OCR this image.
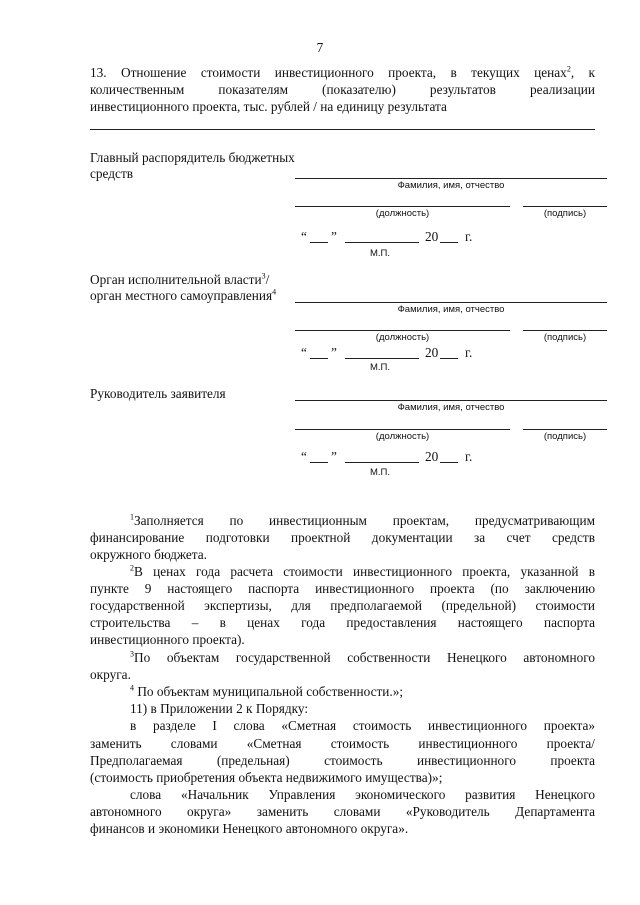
7
13. Отношение стоимости инвестиционного проекта, в текущих ценах$^2$, к
количественным показателям (показателю) результатов реализации
инвестиционного проекта, тыс. рублей / на единицу результата
Главный распорядитель бюджетных
средств
Фамилия, имя, отчество
(должность)	(подпись)
“ ”	20 г.
М.П.
Орган исполнительной власти$^3$/
орган местного самоуправления$^4$
Фамилия, имя, отчество
(должность)	(подпись)
“ ”	20 г.
М.П.
Руководитель заявителя
Фамилия, имя, отчество
(должность)	(подпись)
“ ”	20 г.
М.П.
$^1$Заполняется по инвестиционным проектам, предусматривающим
финансирование подготовки проектной документации за счет средств
окружного бюджета.
$^2$В ценах года расчета стоимости инвестиционного проекта, указанной в
пункте 9 настоящего паспорта инвестиционного проекта (по заключению
государственной экспертизы, для предполагаемой (предельной) стоимости
строительства – в ценах года предоставления настоящего паспорта
инвестиционного проекта).
$^3$По объектам государственной собственности Ненецкого автономного
округа.
$^4$ По объектам муниципальной собственности.»;
11) в Приложении 2 к Порядку:
в разделе I слова «Сметная стоимость инвестиционного проекта»
заменить словами «Сметная стоимость инвестиционного проекта/
Предполагаемая (предельная) стоимость инвестиционного проекта
(стоимость приобретения объекта недвижимого имущества)»;
слова «Начальник Управления экономического развития Ненецкого
автономного округа» заменить словами «Руководитель Департамента
финансов и экономики Ненецкого автономного округа».
